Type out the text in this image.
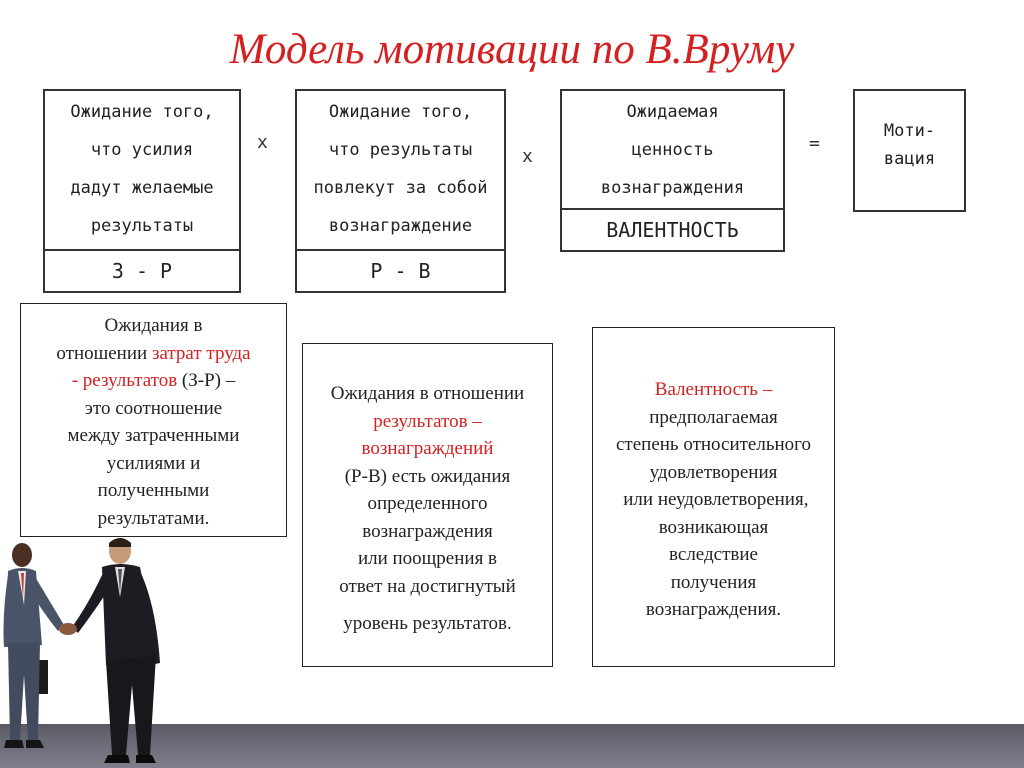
Модель мотивации по В.Вруму
Ожидание того,
что усилия
дадут желаемые
результаты
З - Р
x
Ожидание того,
что результаты
повлекут за собой
вознаграждение
Р - В
x
Ожидаемая
ценность
вознаграждения
ВАЛЕНТНОСТЬ
=
Моти-
вация
Ожидания в
отношении затрат труда
- результатов (З-Р) –
это соотношение
между затраченными
усилиями и
полученными
результатами.
Ожидания в отношении
результатов –
вознаграждений
(Р-В) есть ожидания
определенного
вознаграждения
или поощрения в
ответ на достигнутый
уровень результатов.
Валентность –
предполагаемая
степень относительного
удовлетворения
или неудовлетворения,
возникающая
вследствие
получения
вознаграждения.
